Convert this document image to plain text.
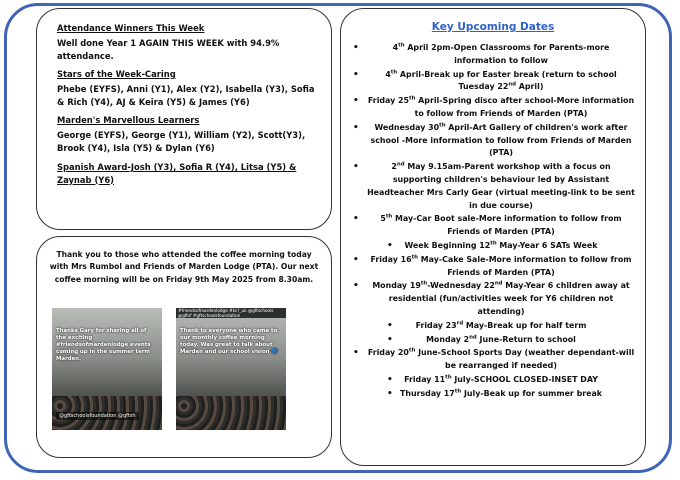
Attendance Winners This Week

Well done Year 1 AGAIN THIS WEEK with 94.9% attendance.

Stars of the Week-Caring

Phebe (EYFS), Anni (Y1), Alex (Y2), Isabella (Y3), Sofia & Rich (Y4), AJ & Keira (Y5) & James (Y6)

Marden's Marvellous Learners

George (EYFS), George (Y1), William (Y2), Scott(Y3), Brook (Y4), Isla (Y5) & Dylan (Y6)

Spanish Award-Josh (Y3), Sofia R (Y4), Litsa (Y5) & Zaynab (Y6)

Thank you to those who attended the coffee morning today with Mrs Rumbol and Friends of Marden Lodge (PTA). Our next coffee morning will be on Friday 9th May 2025 from 8.30am.

Thanks Gary for sharing all of the exciting #friendsofmardenlodge events coming up in the summer term Marden.
@gftschoolsfoundation @gftsh
#friendsofmardenlodge #ks?_uk @gftschools @gftsf #gftschoolsfoundation
Thank to everyone who came to our monthly coffee morning today. Was great to talk about Marden and our school vision 💙

Key Upcoming Dates

•	4th April 2pm-Open Classrooms for Parents-more information to follow
•	4th April-Break up for Easter break (return to school Tuesday 22nd April)
• Friday 25th April-Spring disco after school-More information to follow from Friends of Marden (PTA)
• Wednesday 30th April-Art Gallery of children's work after school -More information to follow from Friends of Marden (PTA)
•	2nd May 9.15am-Parent workshop with a focus on supporting children's behaviour led by Assistant Headteacher Mrs Carly Gear (virtual meeting-link to be sent in due course)
•	5th May-Car Boot sale-More information to follow from Friends of Marden (PTA)
• Week Beginning 12th May-Year 6 SATs Week
• Friday 16th May-Cake Sale-More information to follow from Friends of Marden (PTA)
• Monday 19th-Wednesday 22nd May-Year 6 children away at residential (fun/activities week for Y6 children not attending)
•	Friday 23rd May-Break up for half term
•	Monday 2nd June-Return to school
• Friday 20th June-School Sports Day (weather dependant-will be rearranged if needed)
• Friday 11th July-SCHOOL CLOSED-INSET DAY
• Thursday 17th July-Beak up for summer break
